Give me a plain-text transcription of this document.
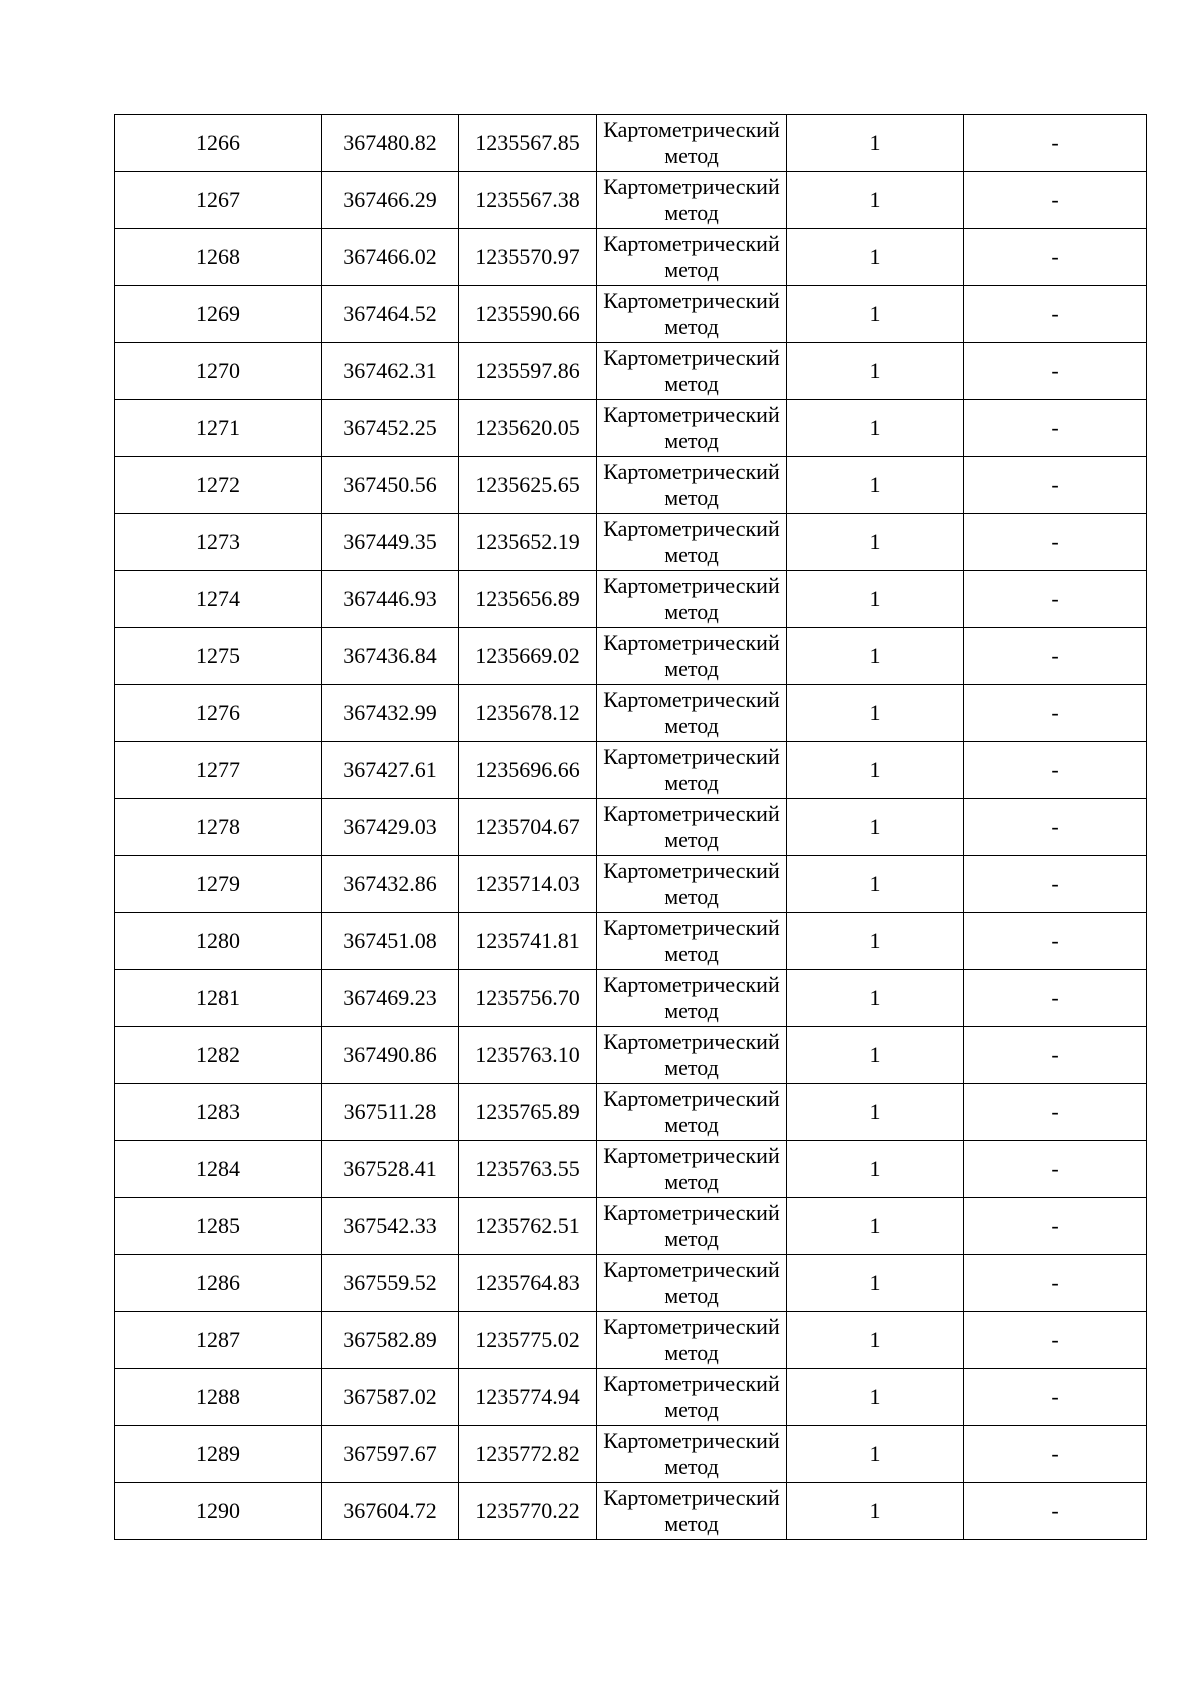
1266	367480.82	1235567.85	Картометрический метод	1	-
1267	367466.29	1235567.38	Картометрический метод	1	-
1268	367466.02	1235570.97	Картометрический метод	1	-
1269	367464.52	1235590.66	Картометрический метод	1	-
1270	367462.31	1235597.86	Картометрический метод	1	-
1271	367452.25	1235620.05	Картометрический метод	1	-
1272	367450.56	1235625.65	Картометрический метод	1	-
1273	367449.35	1235652.19	Картометрический метод	1	-
1274	367446.93	1235656.89	Картометрический метод	1	-
1275	367436.84	1235669.02	Картометрический метод	1	-
1276	367432.99	1235678.12	Картометрический метод	1	-
1277	367427.61	1235696.66	Картометрический метод	1	-
1278	367429.03	1235704.67	Картометрический метод	1	-
1279	367432.86	1235714.03	Картометрический метод	1	-
1280	367451.08	1235741.81	Картометрический метод	1	-
1281	367469.23	1235756.70	Картометрический метод	1	-
1282	367490.86	1235763.10	Картометрический метод	1	-
1283	367511.28	1235765.89	Картометрический метод	1	-
1284	367528.41	1235763.55	Картометрический метод	1	-
1285	367542.33	1235762.51	Картометрический метод	1	-
1286	367559.52	1235764.83	Картометрический метод	1	-
1287	367582.89	1235775.02	Картометрический метод	1	-
1288	367587.02	1235774.94	Картометрический метод	1	-
1289	367597.67	1235772.82	Картометрический метод	1	-
1290	367604.72	1235770.22	Картометрический метод	1	-
